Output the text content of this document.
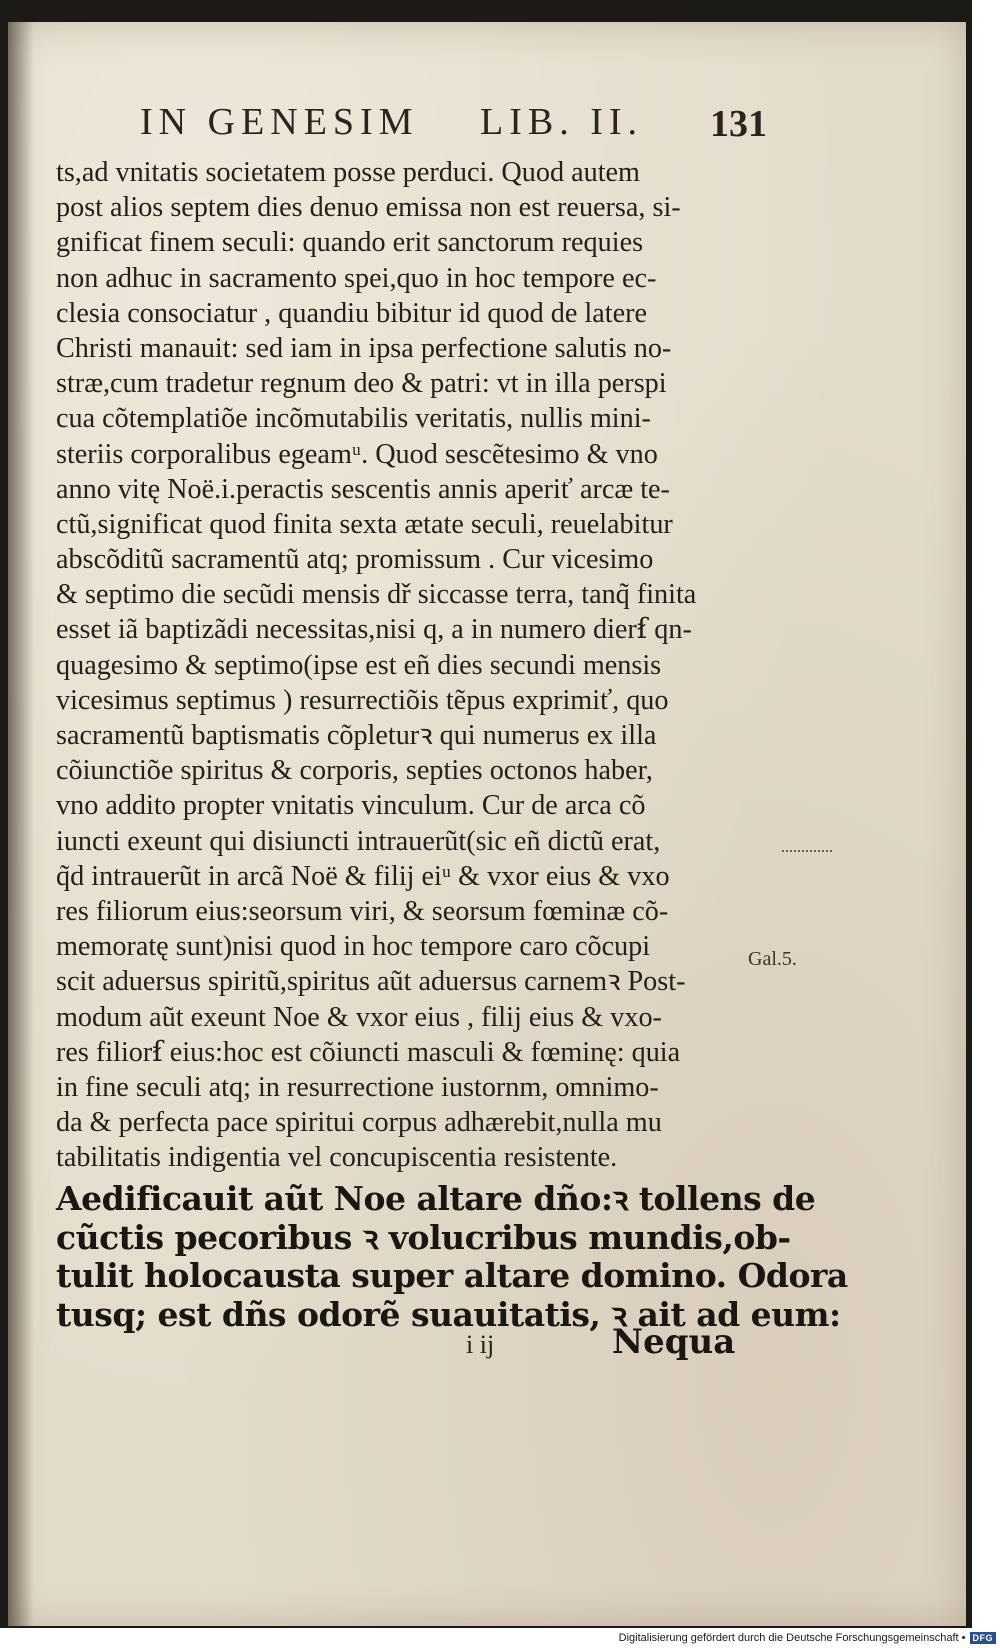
IN GENESIM LIB. II. 131
ts,ad vnitatis societatem posse perduci. Quod autem
post alios septem dies denuo emissa non est reuersa, si-
gnificat finem seculi: quando erit sanctorum requies
non adhuc in sacramento spei,quo in hoc tempore ec-
clesia consociatur , quandiu bibitur id quod de latere
Christi manauit: sed iam in ipsa perfectione salutis no-
stræ,cum tradetur regnum deo & patri: vt in illa perspi
cua cõtemplatiõe incõmutabilis veritatis, nullis mini-
steriis corporalibus egeamᵘ. Quod sescẽtesimo & vno
anno vitę Noë.i.peractis sescentis annis aperiť arcæ te-
ctũ,significat quod finita sexta ætate seculi, reuelabitur
abscõditũ sacramentũ atq; promissum . Cur vicesimo
& septimo die secũdi mensis dř siccasse terra, tanq̃ finita
esset iã baptizãdi necessitas,nisi q, a in numero dierẜ qn-
quagesimo & septimo(ipse est eñ dies secundi mensis
vicesimus septimus ) resurrectiõis tẽpus exprimiť, quo
sacramentũ baptismatis cõpleturꝛ qui numerus ex illa
cõiunctiõe spiritus & corporis, septies octonos haber,
vno addito propter vnitatis vinculum. Cur de arca cõ
iuncti exeunt qui disiuncti intrauerũt(sic eñ dictũ erat,
q̃d intrauerũt in arcã Noë & filij eiᵘ & vxor eius & vxo
res filiorum eius:seorsum viri, & seorsum fœminæ cõ-
memoratę sunt)nisi quod in hoc tempore caro cõcupi
scit aduersus spiritũ,spiritus aũt aduersus carnemꝛ Post-
modum aũt exeunt Noe & vxor eius , filij eius & vxo-
res filiorẜ eius:hoc est cõiuncti masculi & fœminę: quia
in fine seculi atq; in resurrectione iustornm, omnimo-
da & perfecta pace spiritui corpus adhærebit,nulla mu
tabilitatis indigentia vel concupiscentia resistente.
Aedificauit aũt Noe altare dño:ꝛ tollens de
cũctis pecoribus ꝛ volucribus mundis,ob-
tulit holocausta super altare domino. Odora
tusq; est dñs odorẽ suauitatis, ꝛ ait ad eum:
Gal.5.
i ij	Nequa
Digitalisierung gefördert durch die Deutsche Forschungsgemeinschaft • DFG
